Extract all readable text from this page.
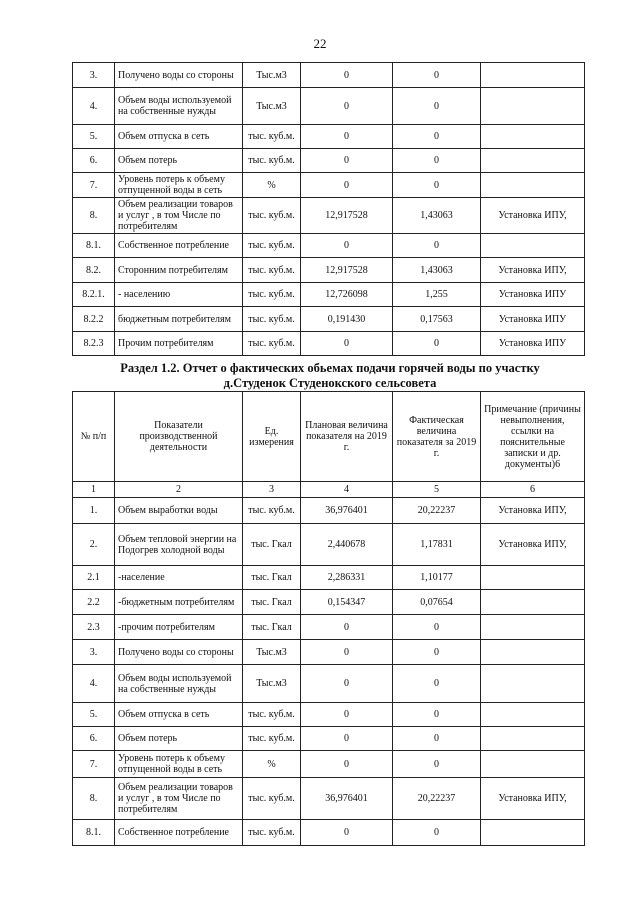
22
3.	Получено воды со стороны	Тыс.м3	0	0	
4.	Объем воды используемой на собственные нужды	Тыс.м3	0	0	
5.	Объем отпуска в сеть	тыс. куб.м.	0	0	
6.	Объем потерь	тыс. куб.м.	0	0	
7.	Уровень потерь к объему отпущенной воды в сеть	%	0	0	
8.	Объем реализации товаров и услуг , в том Числе по потребителям	тыс. куб.м.	12,917528	1,43063	Установка ИПУ,
8.1.	Собственное потребление	тыс. куб.м.	0	0	
8.2.	Сторонним потребителям	тыс. куб.м.	12,917528	1,43063	Установка ИПУ,
8.2.1.	- населению	тыс. куб.м.	12,726098	1,255	Установка ИПУ
8.2.2	бюджетным потребителям	тыс. куб.м.	0,191430	0,17563	Установка ИПУ
8.2.3	Прочим потребителям	тыс. куб.м.	0	0	Установка ИПУ
Раздел 1.2. Отчет о фактических обьемах подачи горячей воды по участку
д.Студенок Студенокского сельсовета
№ п/п	Показатели производственной деятельности	Ед. измерения	Плановая величина показателя на 2019 г.	Фактическая величина показателя за 2019 г.	Примечание (причины невыполнения, ссылки на пояснительные записки и др. документы)6
1	2	3	4	5	6
1.	Объем выработки воды	тыс. куб.м.	36,976401	20,22237	Установка ИПУ,
2.	Объем тепловой энергии на Подогрев холодной воды	тыс. Гкал	2,440678	1,17831	Установка ИПУ,
2.1	-население	тыс. Гкал	2,286331	1,10177	
2.2	-бюджетным потребителям	тыс. Гкал	0,154347	0,07654	
2.3	-прочим потребителям	тыс. Гкал	0	0	
3.	Получено воды со стороны	Тыс.м3	0	0	
4.	Объем воды используемой на собственные нужды	Тыс.м3	0	0	
5.	Объем отпуска в сеть	тыс. куб.м.	0	0	
6.	Объем потерь	тыс. куб.м.	0	0	
7.	Уровень потерь к объему отпущенной воды в сеть	%	0	0	
8.	Объем реализации товаров и услуг , в том Числе по потребителям	тыс. куб.м.	36,976401	20,22237	Установка ИПУ,
8.1.	Собственное потребление	тыс. куб.м.	0	0	
